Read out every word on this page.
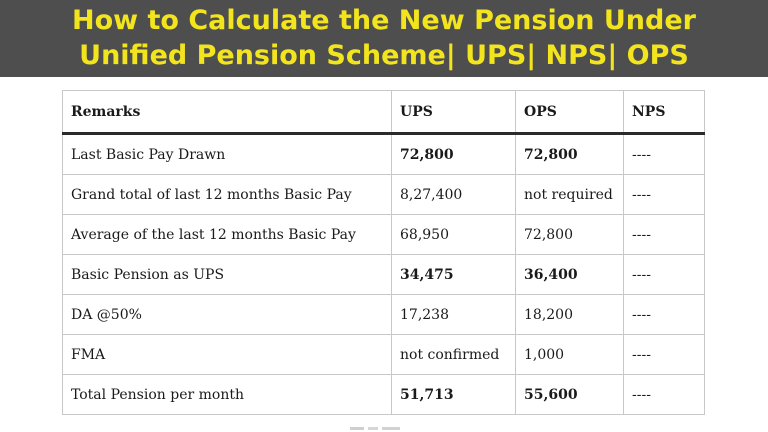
How to Calculate the New Pension Under
Unified Pension Scheme| UPS| NPS| OPS
Remarks	UPS	OPS	NPS
Last Basic Pay Drawn	72,800	72,800	----
Grand total of last 12 months Basic Pay	8,27,400	not required	----
Average of the last 12 months Basic Pay	68,950	72,800	----
Basic Pension as UPS	34,475	36,400	----
DA @50%	17,238	18,200	----
FMA	not confirmed	1,000	----
Total Pension per month	51,713	55,600	----
